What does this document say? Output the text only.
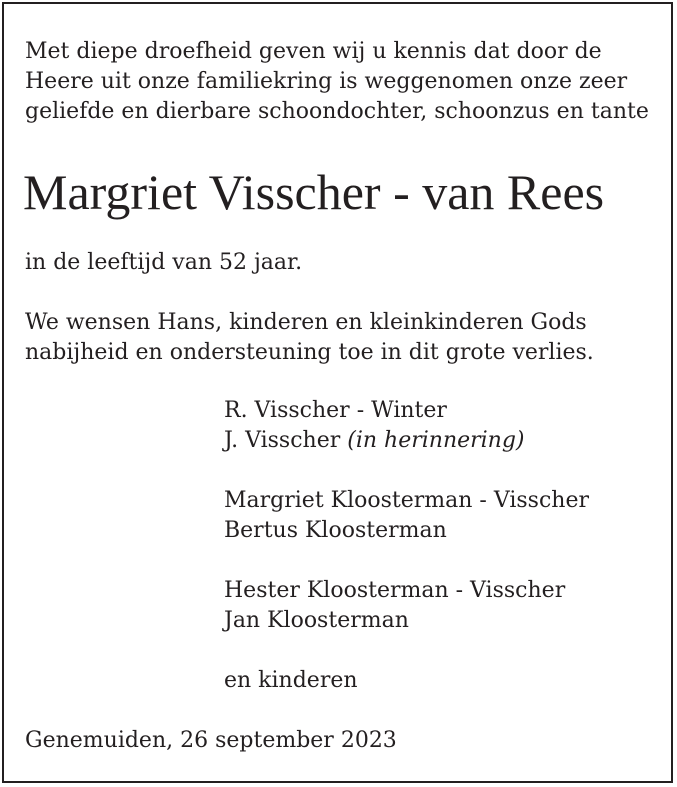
Met diepe droefheid geven wij u kennis dat door de
Heere uit onze familiekring is weggenomen onze zeer
geliefde en dierbare schoondochter, schoonzus en tante
Margriet Visscher - van Rees
in de leeftijd van 52 jaar.
We wensen Hans, kinderen en kleinkinderen Gods
nabijheid en ondersteuning toe in dit grote verlies.
R. Visscher - Winter
J. Visscher (in herinnering)
Margriet Kloosterman - Visscher
Bertus Kloosterman
Hester Kloosterman - Visscher
Jan Kloosterman
en kinderen
Genemuiden, 26 september 2023
